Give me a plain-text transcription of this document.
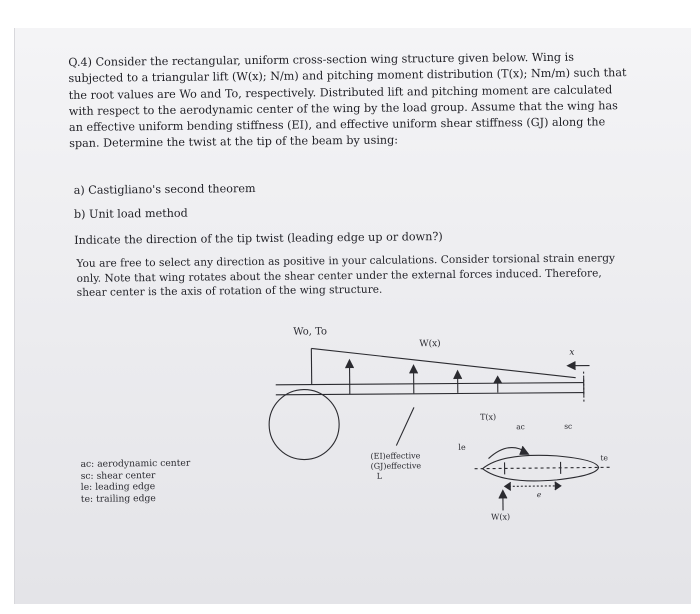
Q.4) Consider the rectangular, uniform cross-section wing structure given below. Wing is subjected to a triangular lift (W(x); N/m) and pitching moment distribution (T(x); Nm/m) such that the root values are Wo and To, respectively. Distributed lift and pitching moment are calculated with respect to the aerodynamic center of the wing by the load group. Assume that the wing has an effective uniform bending stiffness (EI), and effective uniform shear stiffness (GJ) along the span. Determine the twist at the tip of the beam by using:

a) Castigliano's second theorem
b) Unit load method
Indicate the direction of the tip twist (leading edge up or down?)

You are free to select any direction as positive in your calculations. Consider torsional strain energy only. Note that wing rotates about the shear center under the external forces induced. Therefore, shear center is the axis of rotation of the wing structure.

Wo, To
W(x)
x
T(x)
ac	sc
le
te
e
W(x)
(EI)effective
(GJ)effective
L
ac: aerodynamic center
sc: shear center
le: leading edge
te: trailing edge
